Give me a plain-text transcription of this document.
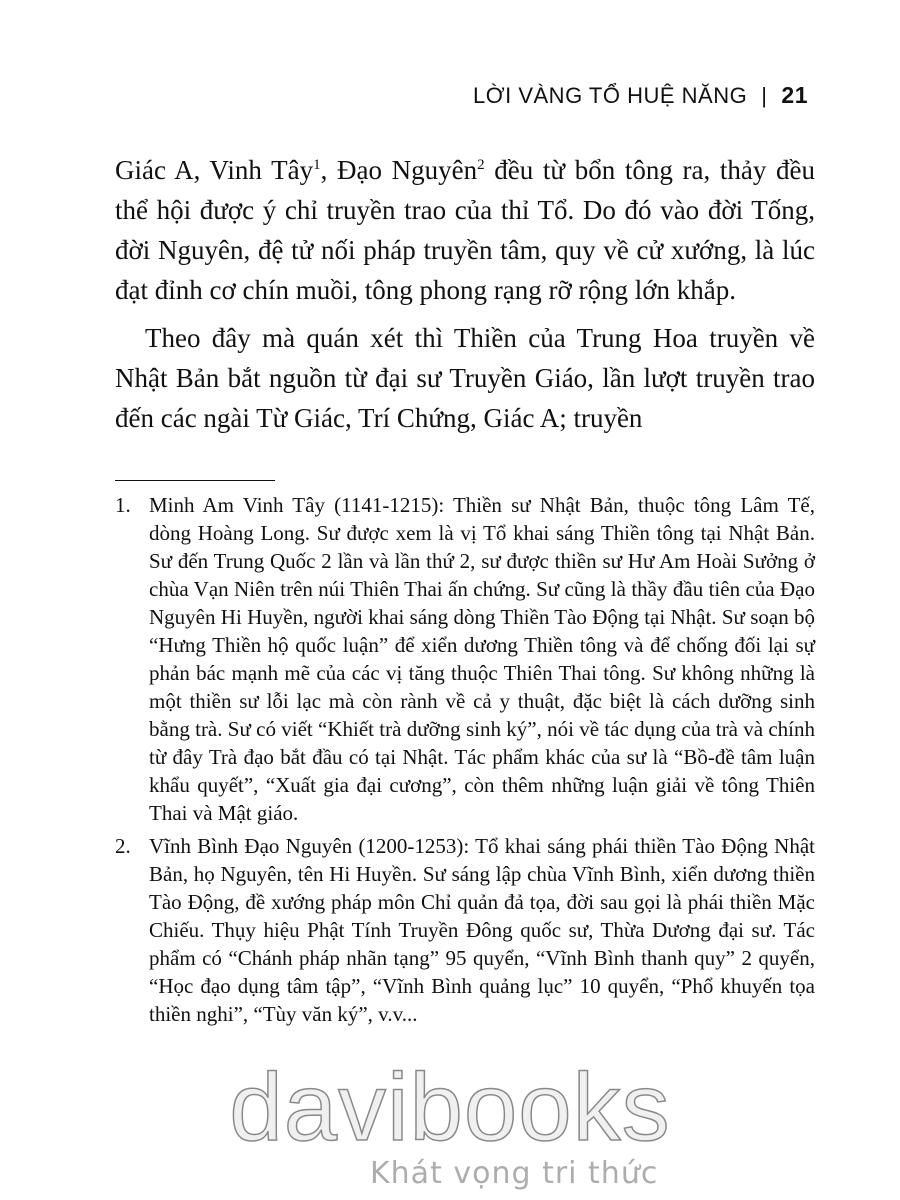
LỜI VÀNG TỔ HUỆ NĂNG | 21

Giác A, Vinh Tây$^1$, Đạo Nguyên$^2$ đều từ bổn tông ra, thảy đều thể hội được ý chỉ truyền trao của thỉ Tổ. Do đó vào đời Tống, đời Nguyên, đệ tử nối pháp truyền tâm, quy về cử xướng, là lúc đạt đỉnh cơ chín muồi, tông phong rạng rỡ rộng lớn khắp.

Theo đây mà quán xét thì Thiền của Trung Hoa truyền về Nhật Bản bắt nguồn từ đại sư Truyền Giáo, lần lượt truyền trao đến các ngài Từ Giác, Trí Chứng, Giác A; truyền

1. Minh Am Vinh Tây (1141-1215): Thiền sư Nhật Bản, thuộc tông Lâm Tế, dòng Hoàng Long. Sư được xem là vị Tổ khai sáng Thiền tông tại Nhật Bản. Sư đến Trung Quốc 2 lần và lần thứ 2, sư được thiền sư Hư Am Hoài Sưởng ở chùa Vạn Niên trên núi Thiên Thai ấn chứng. Sư cũng là thầy đầu tiên của Đạo Nguyên Hi Huyền, người khai sáng dòng Thiền Tào Động tại Nhật. Sư soạn bộ “Hưng Thiền hộ quốc luận” để xiển dương Thiền tông và để chống đối lại sự phản bác mạnh mẽ của các vị tăng thuộc Thiên Thai tông. Sư không những là một thiền sư lỗi lạc mà còn rành về cả y thuật, đặc biệt là cách dưỡng sinh bằng trà. Sư có viết “Khiết trà dưỡng sinh ký”, nói về tác dụng của trà và chính từ đây Trà đạo bắt đầu có tại Nhật. Tác phẩm khác của sư là “Bồ-đề tâm luận khẩu quyết”, “Xuất gia đại cương”, còn thêm những luận giải về tông Thiên Thai và Mật giáo.
2. Vĩnh Bình Đạo Nguyên (1200-1253): Tổ khai sáng phái thiền Tào Động Nhật Bản, họ Nguyên, tên Hi Huyền. Sư sáng lập chùa Vĩnh Bình, xiển dương thiền Tào Động, đề xướng pháp môn Chỉ quản đả tọa, đời sau gọi là phái thiền Mặc Chiếu. Thụy hiệu Phật Tính Truyền Đông quốc sư, Thừa Dương đại sư. Tác phẩm có “Chánh pháp nhãn tạng” 95 quyển, “Vĩnh Bình thanh quy” 2 quyển, “Học đạo dụng tâm tập”, “Vĩnh Bình quảng lục” 10 quyển, “Phổ khuyến tọa thiền nghi”, “Tùy văn ký”, v.v...
davibooks
Khát vọng tri thức
